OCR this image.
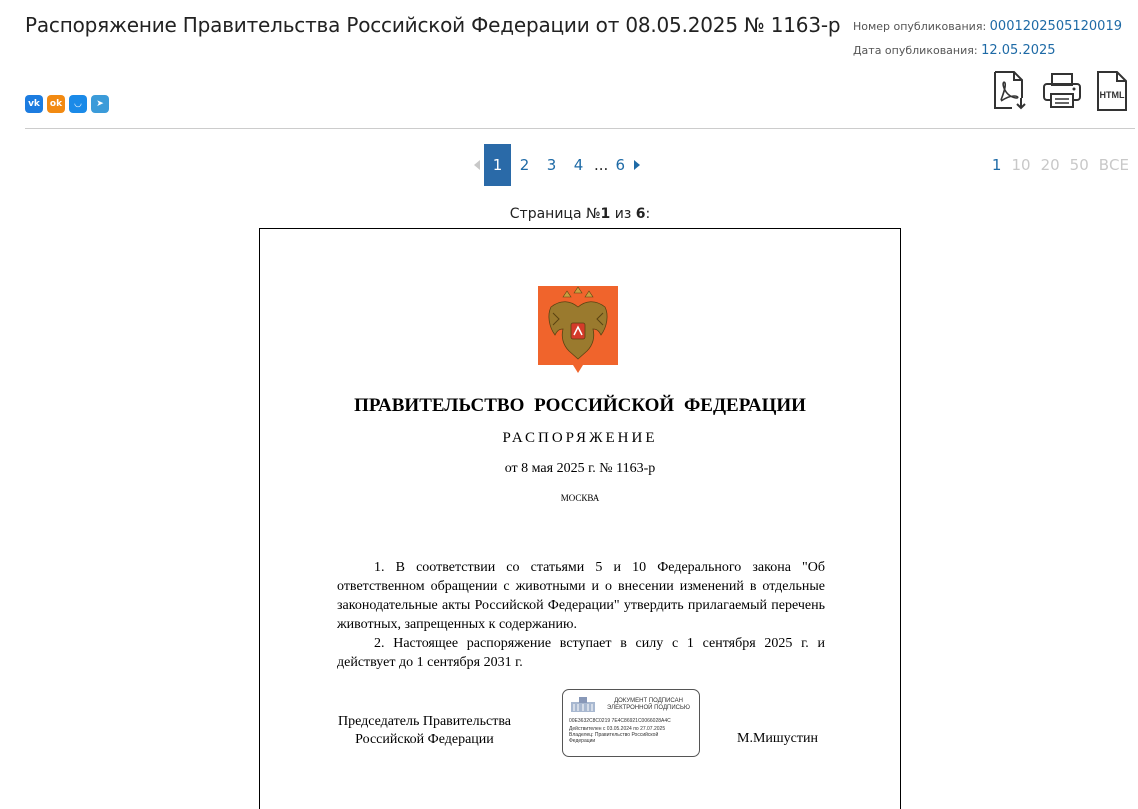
Распоряжение Правительства Российской Федерации от 08.05.2025 № 1163-р Номер опубликования: 0001202505120019
Дата опубликования: 12.05.2025
vk	ok	◡	➤
HTML
1	2	3	4 ... 6	1 10 20 50 ВСЕ
Страница №1 из 6:
ПРАВИТЕЛЬСТВО РОССИЙСКОЙ ФЕДЕРАЦИИ
РАСПОРЯЖЕНИЕ
от 8 мая 2025 г. № 1163-р
МОСКВА

1. В соответствии со статьями 5 и 10 Федерального закона "Об ответственном обращении с животными и о внесении изменений в отдельные законодательные акты Российской Федерации" утвердить прилагаемый перечень животных, запрещенных к содержанию.

2. Настоящее распоряжение вступает в силу с 1 сентября 2025 г. и действует до 1 сентября 2031 г.

Председатель Правительства
Российской Федерации
ДОКУМЕНТ ПОДПИСАН
ЭЛЕКТРОННОЙ ПОДПИСЬЮ
00E3632C8C0219 7E4C86921C0066028A4C
Действителен с 03.05.2024 по 27.07.2025
Владелец: Правительство Российской
Федерации	М.Мишустин
